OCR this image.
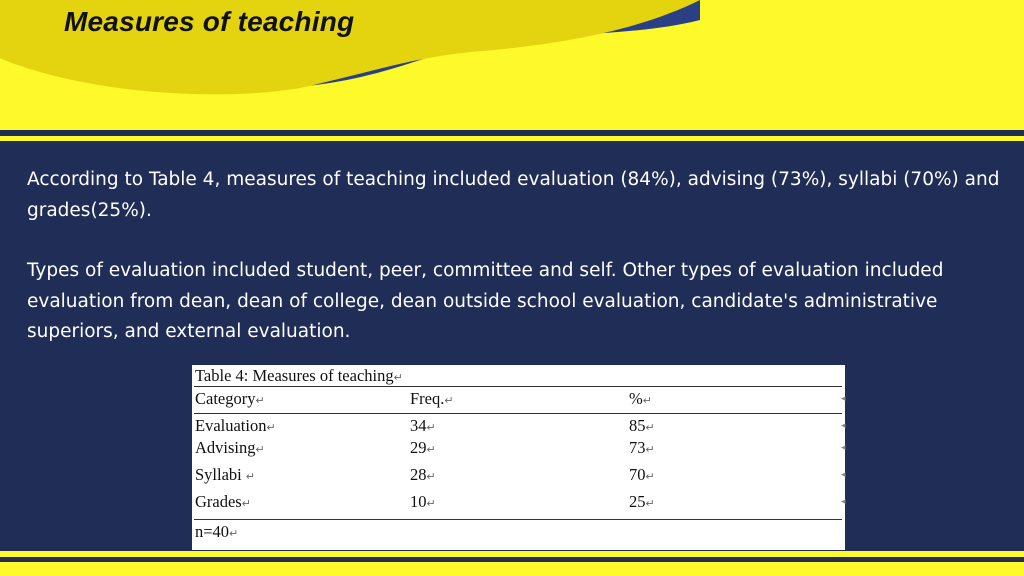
Measures of teaching

According to Table 4, measures of teaching included evaluation (84%), advising (73%), syllabi (70%) and grades(25%).

Types of evaluation included student, peer, committee and self. Other types of evaluation included evaluation from dean, dean of college, dean outside school evaluation, candidate's administrative superiors, and external evaluation.

Table 4: Measures of teaching↵
Category↵	Freq.↵	%↵	◂
Evaluation↵	34↵	85↵	◂
Advising↵	29↵	73↵	◂
Syllabi ↵	28↵	70↵	◂
Grades↵	10↵	25↵	◂
n=40↵
